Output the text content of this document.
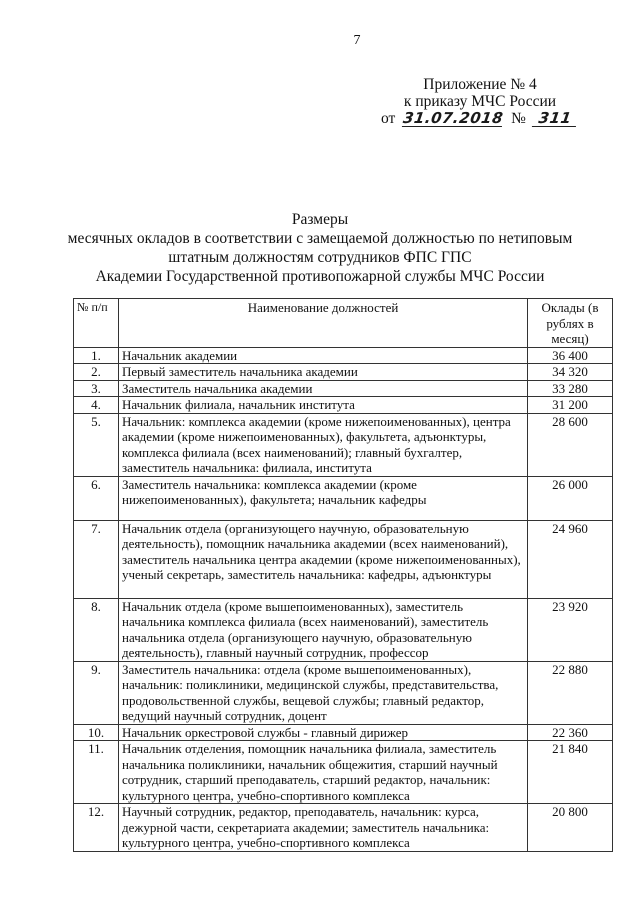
7
Приложение № 4
к приказу МЧС России
от 31.07.2018 № 311
Размеры
месячных окладов в соответствии с замещаемой должностью по нетиповым
штатным должностям сотрудников ФПС ГПС
Академии Государственной противопожарной службы МЧС России
№ п/п	Наименование должностей	Оклады (в рублях в месяц)
1.	Начальник академии	36 400
2.	Первый заместитель начальника академии	34 320
3.	Заместитель начальника академии	33 280
4.	Начальник филиала, начальник института	31 200
5.	Начальник: комплекса академии (кроме нижепоименованных), центра академии (кроме нижепоименованных), факультета, адъюнктуры, комплекса филиала (всех наименований); главный бухгалтер, заместитель начальника: филиала, института	28 600
6.	Заместитель начальника: комплекса академии (кроме нижепоименованных), факультета; начальник кафедры	26 000
7.	Начальник отдела (организующего научную, образовательную деятельность), помощник начальника академии (всех наименований), заместитель начальника центра академии (кроме нижепоименованных), ученый секретарь, заместитель начальника: кафедры, адъюнктуры	24 960
8.	Начальник отдела (кроме вышепоименованных), заместитель начальника комплекса филиала (всех наименований), заместитель начальника отдела (организующего научную, образовательную деятельность), главный научный сотрудник, профессор	23 920
9.	Заместитель начальника: отдела (кроме вышепоименованных), начальник: поликлиники, медицинской службы, представительства, продовольственной службы, вещевой службы; главный редактор, ведущий научный сотрудник, доцент	22 880
10.	Начальник оркестровой службы - главный дирижер	22 360
11.	Начальник отделения, помощник начальника филиала, заместитель начальника поликлиники, начальник общежития, старший научный сотрудник, старший преподаватель, старший редактор, начальник: культурного центра, учебно-спортивного комплекса	21 840
12.	Научный сотрудник, редактор, преподаватель, начальник: курса, дежурной части, секретариата академии; заместитель начальника: культурного центра, учебно-спортивного комплекса	20 800
